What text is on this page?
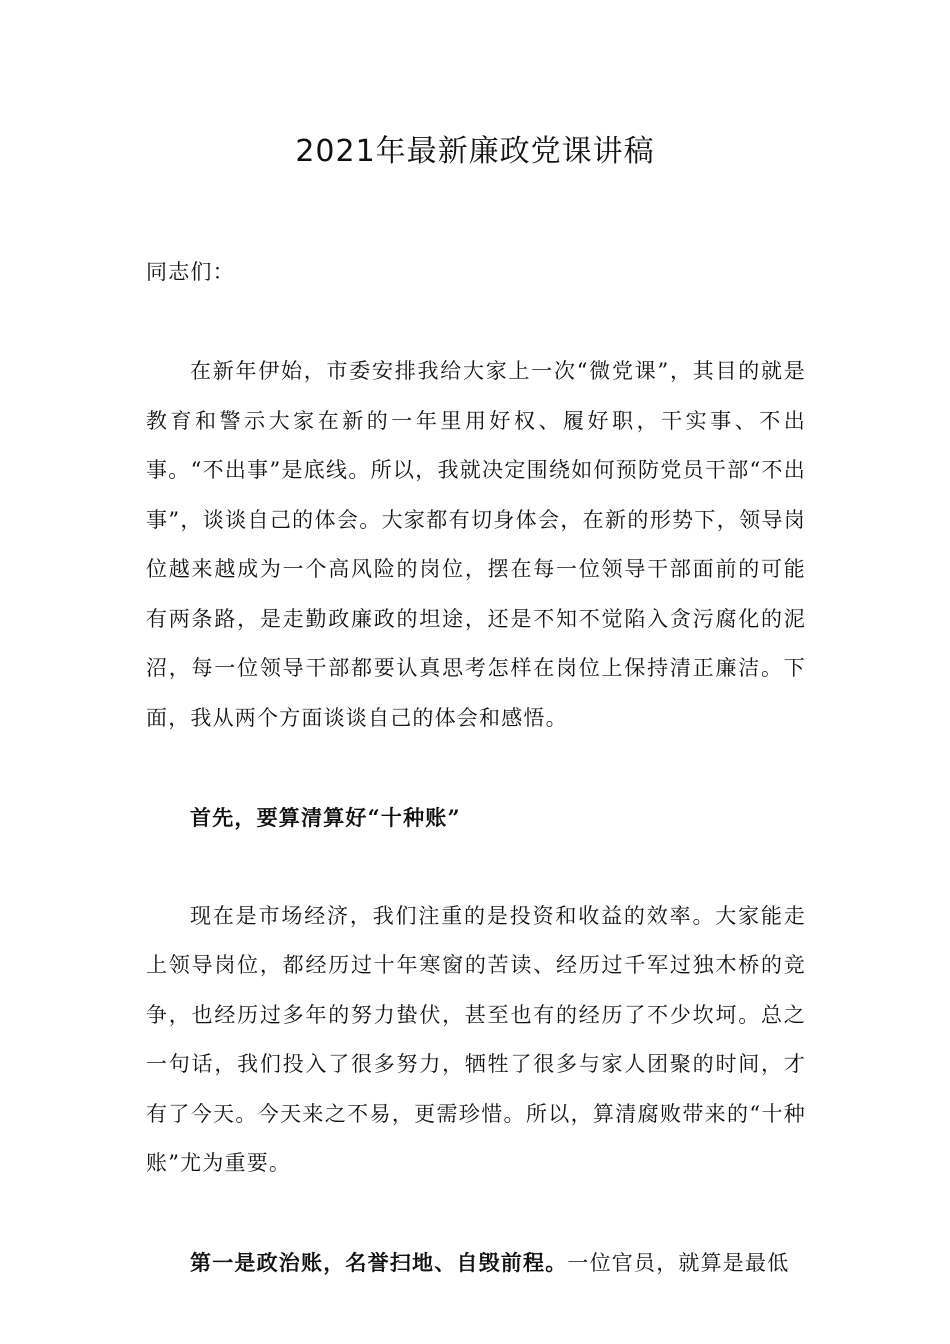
2021年最新廉政党课讲稿

同志们：

在新年伊始，市委安排我给大家上一次“微党课”，其目的就是教育和警示大家在新的一年里用好权、履好职，干实事、不出事。“不出事”是底线。所以，我就决定围绕如何预防党员干部“不出事”，谈谈自己的体会。大家都有切身体会，在新的形势下，领导岗位越来越成为一个高风险的岗位，摆在每一位领导干部面前的可能有两条路，是走勤政廉政的坦途，还是不知不觉陷入贪污腐化的泥沼，每一位领导干部都要认真思考怎样在岗位上保持清正廉洁。下面，我从两个方面谈谈自己的体会和感悟。

首先，要算清算好“十种账”

现在是市场经济，我们注重的是投资和收益的效率。大家能走上领导岗位，都经历过十年寒窗的苦读、经历过千军过独木桥的竞争，也经历过多年的努力蛰伏，甚至也有的经历了不少坎坷。总之一句话，我们投入了很多努力，牺牲了很多与家人团聚的时间，才有了今天。今天来之不易，更需珍惜。所以，算清腐败带来的“十种账”尤为重要。

第一是政治账，名誉扫地、自毁前程。一位官员，就算是最低
